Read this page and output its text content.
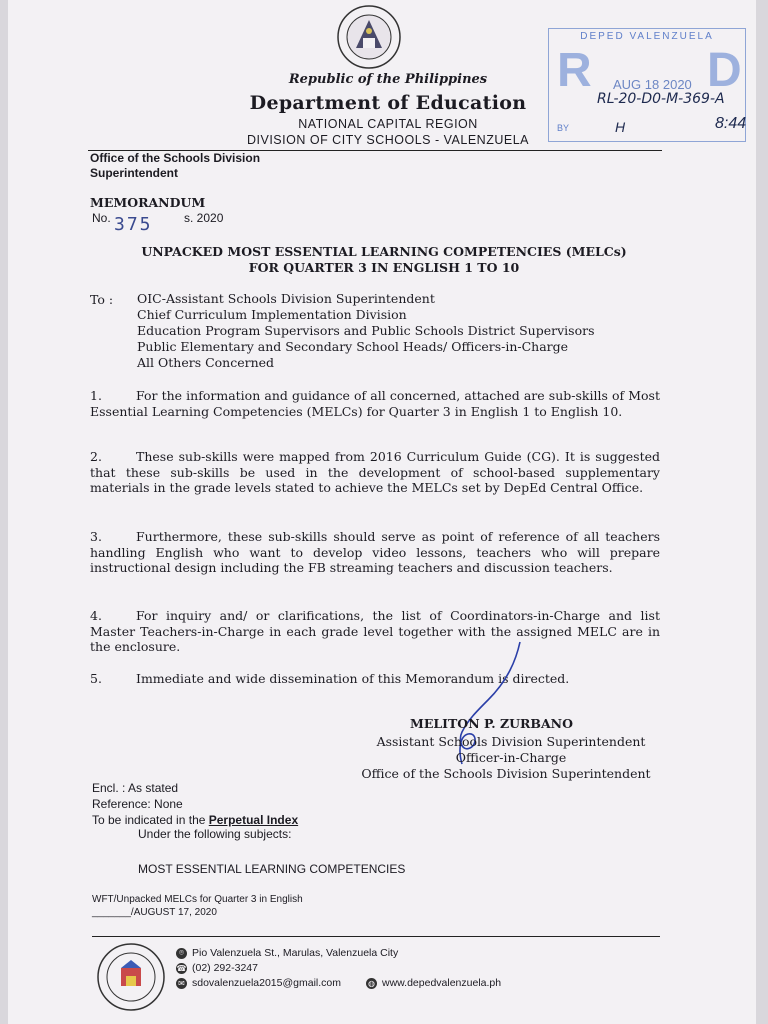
Republic of the Philippines
Department of Education
NATIONAL CAPITAL REGION
DIVISION OF CITY SCHOOLS - VALENZUELA
DEPED VALENZUELA
R D
AUG 18 2020
RL-20-D0-M-369-A
BY	H	8:44
Office of the Schools Division Superintendent
MEMORANDUM
No. 375	s. 2020
UNPACKED MOST ESSENTIAL LEARNING COMPETENCIES (MELCs)
FOR QUARTER 3 IN ENGLISH 1 TO 10
To : OIC-Assistant Schools Division Superintendent
Chief Curriculum Implementation Division
Education Program Supervisors and Public Schools District Supervisors
Public Elementary and Secondary School Heads/ Officers-in-Charge
All Others Concerned
1.	For the information and guidance of all concerned, attached are sub-skills of Most Essential Learning Competencies (MELCs) for Quarter 3 in English 1 to English 10.
2.	These sub-skills were mapped from 2016 Curriculum Guide (CG). It is suggested that these sub-skills be used in the development of school-based supplementary materials in the grade levels stated to achieve the MELCs set by DepEd Central Office.
3.	Furthermore, these sub-skills should serve as point of reference of all teachers handling English who want to develop video lessons, teachers who will prepare instructional design including the FB streaming teachers and discussion teachers.
4.	For inquiry and/ or clarifications, the list of Coordinators-in-Charge and list Master Teachers-in-Charge in each grade level together with the assigned MELC are in the enclosure.
5.	Immediate and wide dissemination of this Memorandum is directed.
MELITON P. ZURBANO
Assistant Schools Division Superintendent
Officer-in-Charge
Office of the Schools Division Superintendent
Encl. : As stated
Reference: None
To be indicated in the Perpetual Index
Under the following subjects:
MOST ESSENTIAL LEARNING COMPETENCIES
WFT/Unpacked MELCs for Quarter 3 in English
_______/AUGUST 17, 2020
⌾ Pio Valenzuela St., Marulas, Valenzuela City
☎ (02) 292-3247
✉ sdovalenzuela2015@gmail.com	◍ www.depedvalenzuela.ph
